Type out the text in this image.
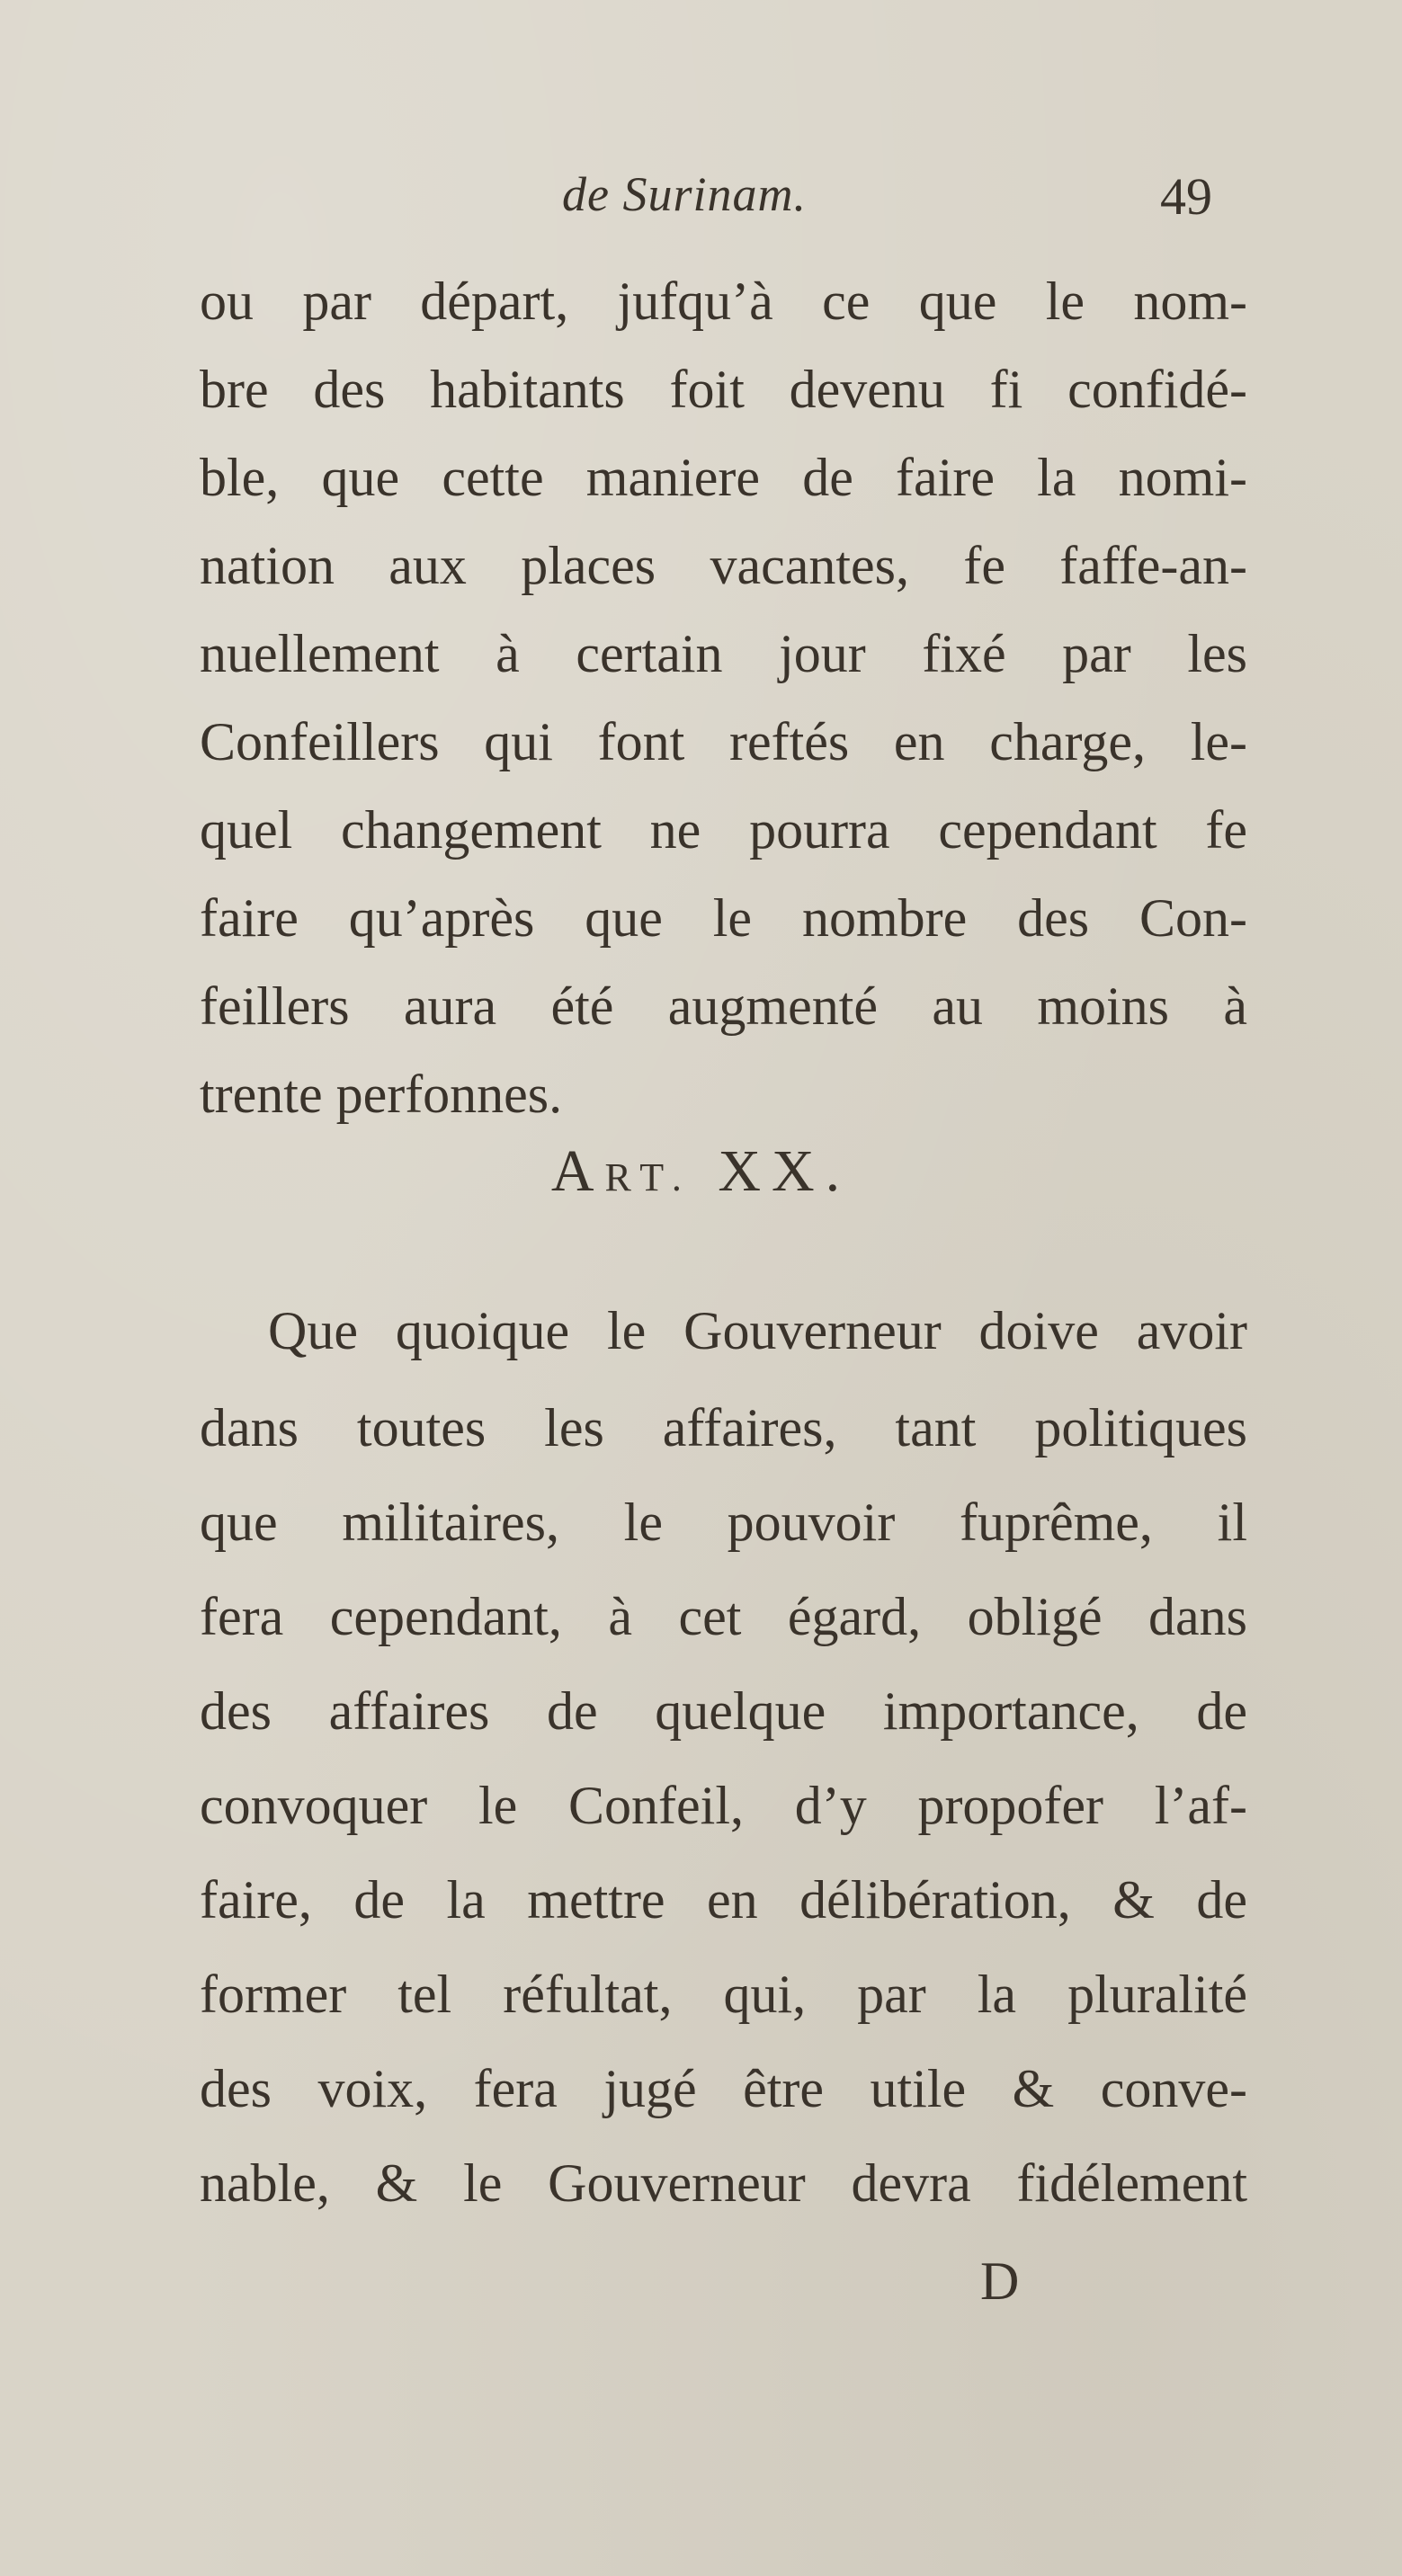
de Surinam.	49
ou par départ, jufqu’à ce que le nom-
bre des habitants foit devenu fi confidé-
ble, que cette maniere de faire la nomi-
nation aux places vacantes, fe faffe-an-
nuellement à certain jour fixé par les
Confeillers qui font reftés en charge, le-
quel changement ne pourra cependant fe
faire qu’après que le nombre des Con-
feillers aura été augmenté au moins à
trente perfonnes.
ART. XX.
Que quoique le Gouverneur doive avoir
dans toutes les affaires, tant politiques
que militaires, le pouvoir fuprême, il
fera cependant, à cet égard, obligé dans
des affaires de quelque importance, de
convoquer le Confeil, d’y propofer l’af-
faire, de la mettre en délibération, & de
former tel réfultat, qui, par la pluralité
des voix, fera jugé être utile & conve-
nable, & le Gouverneur devra fidélement
D
